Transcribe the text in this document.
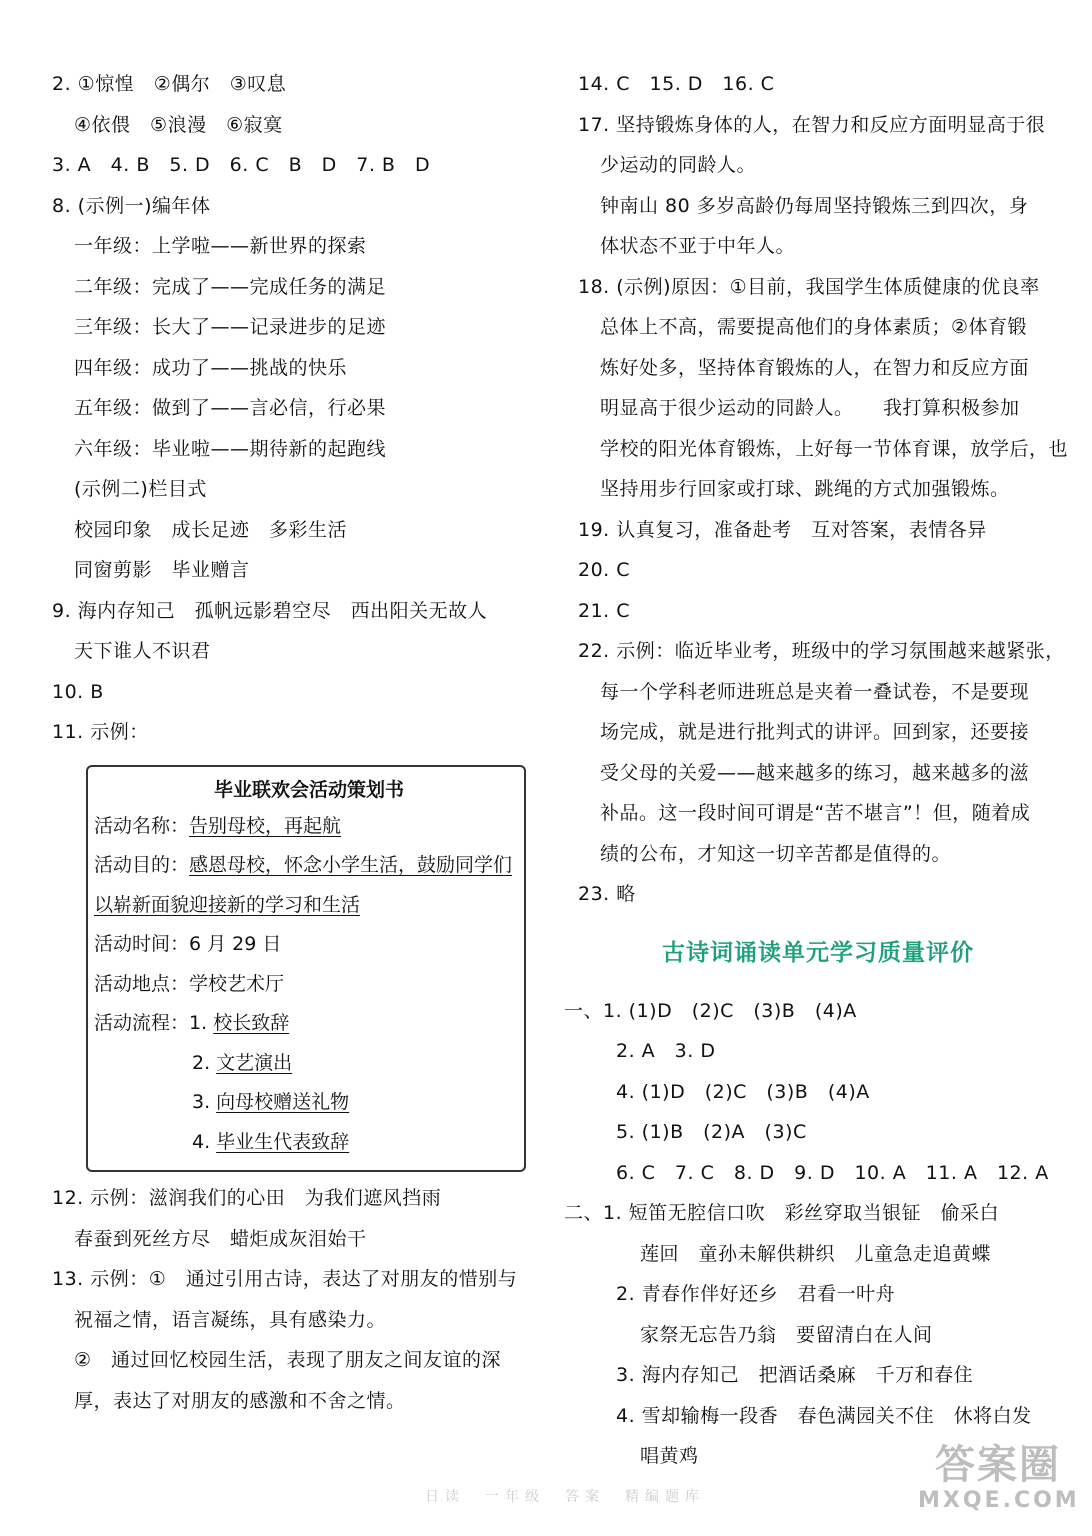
2. ①惊惶　②偶尔　③叹息
④依偎　⑤浪漫　⑥寂寞
3. A　4. B　5. D　6. C　B　D　7. B　D
8. (示例一)编年体
一年级：上学啦——新世界的探索
二年级：完成了——完成任务的满足
三年级：长大了——记录进步的足迹
四年级：成功了——挑战的快乐
五年级：做到了——言必信，行必果
六年级：毕业啦——期待新的起跑线
(示例二)栏目式
校园印象　成长足迹　多彩生活
同窗剪影　毕业赠言
9. 海内存知己　孤帆远影碧空尽　西出阳关无故人
天下谁人不识君
10. B
11. 示例：
毕业联欢会活动策划书
活动名称：告别母校，再起航
活动目的：感恩母校，怀念小学生活，鼓励同学们
以崭新面貌迎接新的学习和生活
活动时间：6 月 29 日
活动地点：学校艺术厅
活动流程：1. 校长致辞
2. 文艺演出
3. 向母校赠送礼物
4. 毕业生代表致辞
12. 示例：滋润我们的心田　为我们遮风挡雨
春蚕到死丝方尽　蜡炬成灰泪始干
13. 示例：①　通过引用古诗，表达了对朋友的惜别与
祝福之情，语言凝练，具有感染力。
②　通过回忆校园生活，表现了朋友之间友谊的深
厚，表达了对朋友的感激和不舍之情。
14. C　15. D　16. C
17. 坚持锻炼身体的人，在智力和反应方面明显高于很
少运动的同龄人。
钟南山 80 多岁高龄仍每周坚持锻炼三到四次，身
体状态不亚于中年人。
18. (示例)原因：①目前，我国学生体质健康的优良率
总体上不高，需要提高他们的身体素质；②体育锻
炼好处多，坚持体育锻炼的人，在智力和反应方面
明显高于很少运动的同龄人。　　我打算积极参加
学校的阳光体育锻炼，上好每一节体育课，放学后，也
坚持用步行回家或打球、跳绳的方式加强锻炼。
19. 认真复习，准备赴考　互对答案，表情各异
20. C
21. C
22. 示例：临近毕业考，班级中的学习氛围越来越紧张，
每一个学科老师进班总是夹着一叠试卷，不是要现
场完成，就是进行批判式的讲评。回到家，还要接
受父母的关爱——越来越多的练习，越来越多的滋
补品。这一段时间可谓是“苦不堪言”！但，随着成
绩的公布，才知这一切辛苦都是值得的。
23. 略
古诗词诵读单元学习质量评价
一、1. (1)D　(2)C　(3)B　(4)A
2. A　3. D
4. (1)D　(2)C　(3)B　(4)A
5. (1)B　(2)A　(3)C
6. C　7. C　8. D　9. D　10. A　11. A　12. A
二、1. 短笛无腔信口吹　彩丝穿取当银钲　偷采白
莲回　童孙未解供耕织　儿童急走追黄蝶
2. 青春作伴好还乡　君看一叶舟
家祭无忘告乃翁　要留清白在人间
3. 海内存知己　把酒话桑麻　千万和春住
4. 雪却输梅一段香　春色满园关不住　休将白发
唱黄鸡
日读　一年级　答案　精编题库
答案圈
MXQE.COM
